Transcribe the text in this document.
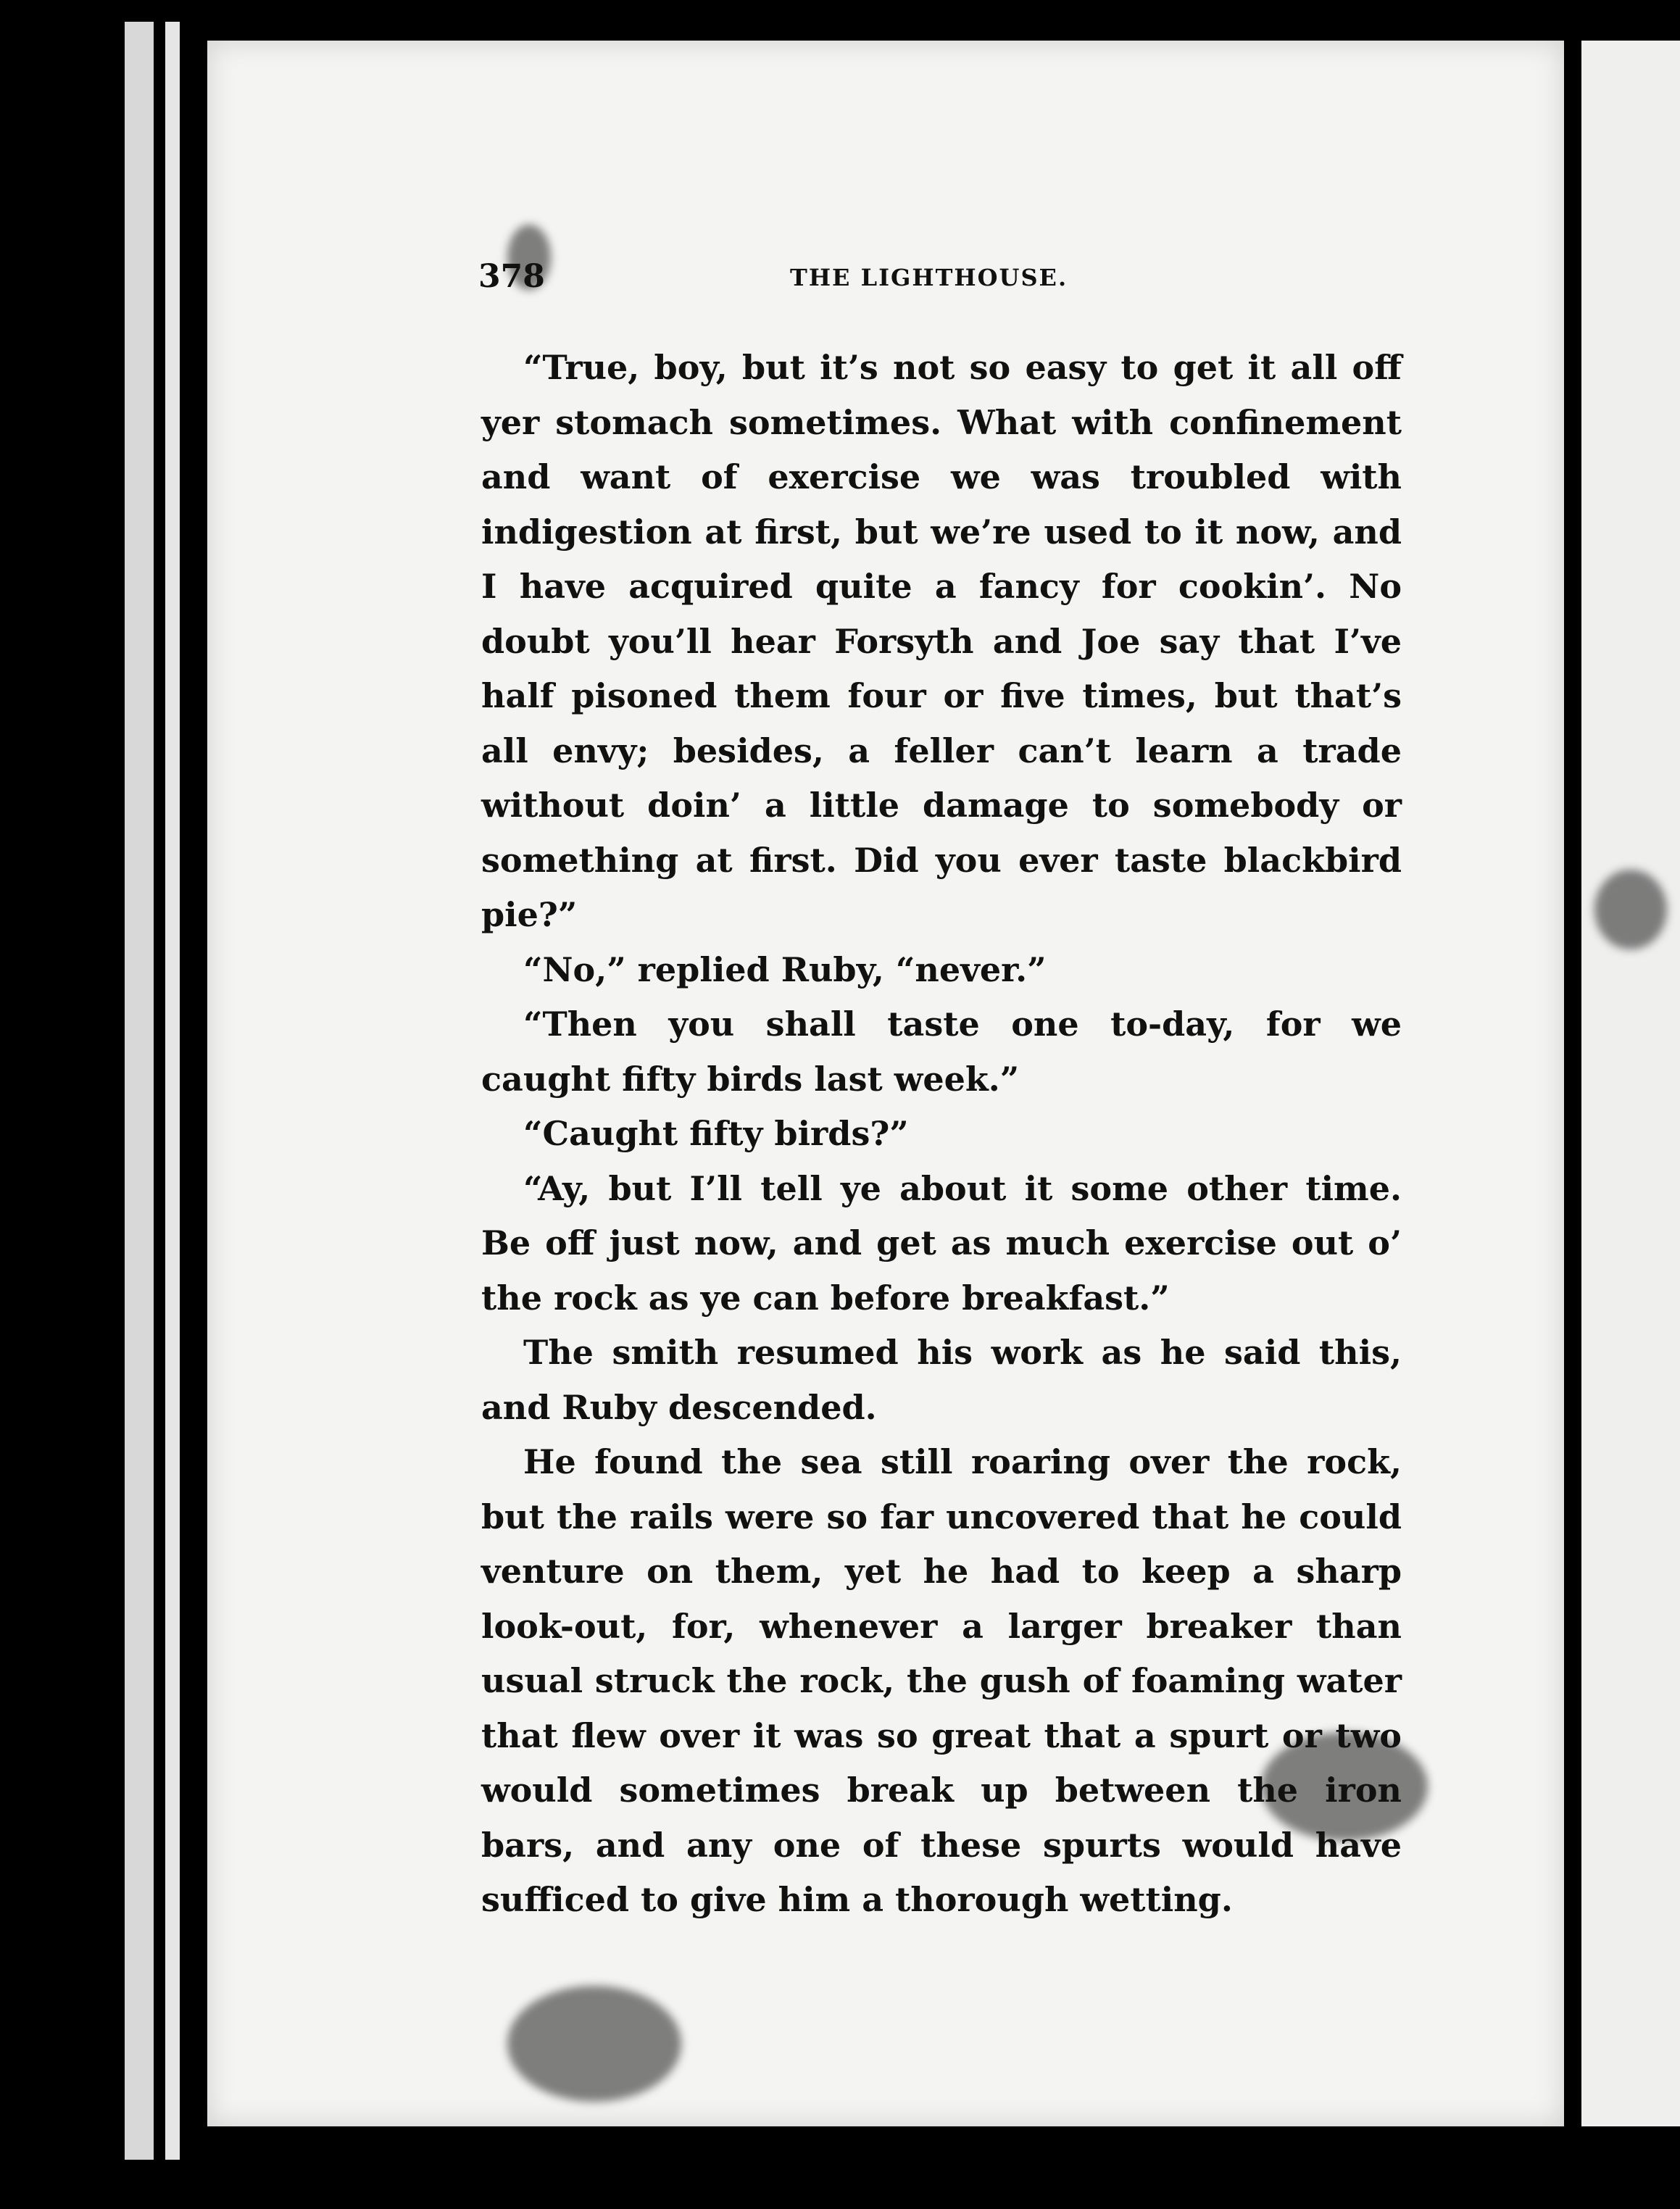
378	THE LIGHTHOUSE.

“True, boy, but it’s not so easy to get it all off yer stomach sometimes. What with confinement and want of exercise we was troubled with indigestion at first, but we’re used to it now, and I have acquired quite a fancy for cookin’. No doubt you’ll hear Forsyth and Joe say that I’ve half pisoned them four or five times, but that’s all envy; besides, a feller can’t learn a trade without doin’ a little damage to somebody or something at first. Did you ever taste blackbird pie?”

“No,” replied Ruby, “never.”

“Then you shall taste one to-day, for we caught fifty birds last week.”

“Caught fifty birds?”

“Ay, but I’ll tell ye about it some other time. Be off just now, and get as much exercise out o’ the rock as ye can before breakfast.”

The smith resumed his work as he said this, and Ruby descended.

He found the sea still roaring over the rock, but the rails were so far uncovered that he could venture on them, yet he had to keep a sharp look-out, for, whenever a larger breaker than usual struck the rock, the gush of foaming water that flew over it was so great that a spurt or two would sometimes break up between the iron bars, and any one of these spurts would have sufficed to give him a thorough wetting.
